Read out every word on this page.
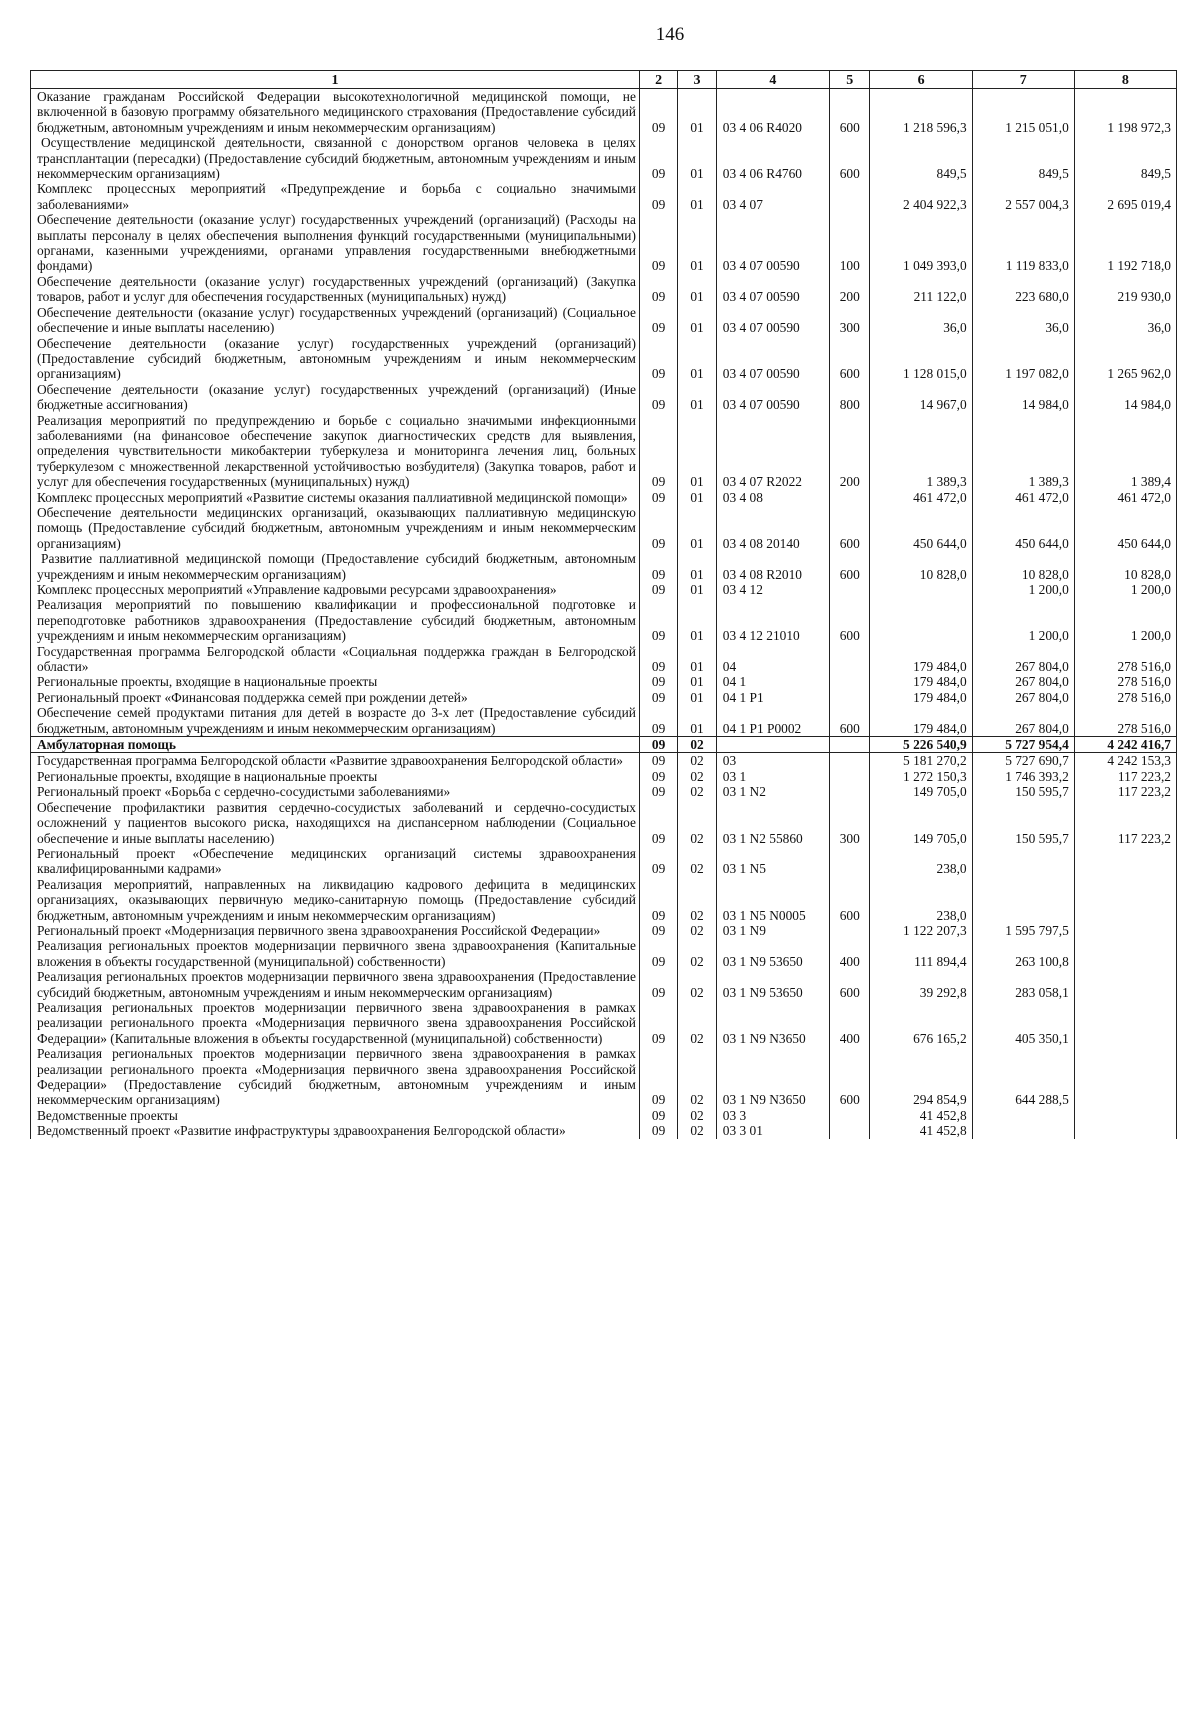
146
1	2	3	4	5	6	7	8
Оказание гражданам Российской Федерации высокотехнологичной медицинской помощи, не включенной в базовую программу обязательного медицинского страхования (Предоставление субсидий бюджетным, автономным учреждениям и иным некоммерческим организациям)	09	01	03 4 06 R4020	600	1 218 596,3	1 215 051,0	1 198 972,3
Осуществление медицинской деятельности, связанной с донорством органов человека в целях трансплантации (пересадки) (Предоставление субсидий бюджетным, автономным учреждениям и иным некоммерческим организациям)	09	01	03 4 06 R4760	600	849,5	849,5	849,5
Комплекс процессных мероприятий «Предупреждение и борьба с социально значимыми заболеваниями»	09	01	03 4 07		2 404 922,3	2 557 004,3	2 695 019,4
Обеспечение деятельности (оказание услуг) государственных учреждений (организаций) (Расходы на выплаты персоналу в целях обеспечения выполнения функций государственными (муниципальными) органами, казенными учреждениями, органами управления государственными внебюджетными фондами)	09	01	03 4 07 00590	100	1 049 393,0	1 119 833,0	1 192 718,0
Обеспечение деятельности (оказание услуг) государственных учреждений (организаций) (Закупка товаров, работ и услуг для обеспечения государственных (муниципальных) нужд)	09	01	03 4 07 00590	200	211 122,0	223 680,0	219 930,0
Обеспечение деятельности (оказание услуг) государственных учреждений (организаций) (Социальное обеспечение и иные выплаты населению)	09	01	03 4 07 00590	300	36,0	36,0	36,0
Обеспечение деятельности (оказание услуг) государственных учреждений (организаций) (Предоставление субсидий бюджетным, автономным учреждениям и иным некоммерческим организациям)	09	01	03 4 07 00590	600	1 128 015,0	1 197 082,0	1 265 962,0
Обеспечение деятельности (оказание услуг) государственных учреждений (организаций) (Иные бюджетные ассигнования)	09	01	03 4 07 00590	800	14 967,0	14 984,0	14 984,0
Реализация мероприятий по предупреждению и борьбе с социально значимыми инфекционными заболеваниями (на финансовое обеспечение закупок диагностических средств для выявления, определения чувствительности микобактерии туберкулеза и мониторинга лечения лиц, больных туберкулезом с множественной лекарственной устойчивостью возбудителя) (Закупка товаров, работ и услуг для обеспечения государственных (муниципальных) нужд)	09	01	03 4 07 R2022	200	1 389,3	1 389,3	1 389,4
Комплекс процессных мероприятий «Развитие системы оказания паллиативной медицинской помощи»	09	01	03 4 08		461 472,0	461 472,0	461 472,0
Обеспечение деятельности медицинских организаций, оказывающих паллиативную медицинскую помощь (Предоставление субсидий бюджетным, автономным учреждениям и иным некоммерческим организациям)	09	01	03 4 08 20140	600	450 644,0	450 644,0	450 644,0
Развитие паллиативной медицинской помощи (Предоставление субсидий бюджетным, автономным учреждениям и иным некоммерческим организациям)	09	01	03 4 08 R2010	600	10 828,0	10 828,0	10 828,0
Комплекс процессных мероприятий «Управление кадровыми ресурсами здравоохранения»	09	01	03 4 12			1 200,0	1 200,0
Реализация мероприятий по повышению квалификации и профессиональной подготовке и переподготовке работников здравоохранения (Предоставление субсидий бюджетным, автономным учреждениям и иным некоммерческим организациям)	09	01	03 4 12 21010	600		1 200,0	1 200,0
Государственная программа Белгородской области «Социальная поддержка граждан в Белгородской области»	09	01	04		179 484,0	267 804,0	278 516,0
Региональные проекты, входящие в национальные проекты	09	01	04 1		179 484,0	267 804,0	278 516,0
Региональный проект «Финансовая поддержка семей при рождении детей»	09	01	04 1 P1		179 484,0	267 804,0	278 516,0
Обеспечение семей продуктами питания для детей в возрасте до 3-х лет (Предоставление субсидий бюджетным, автономным учреждениям и иным некоммерческим организациям)	09	01	04 1 P1 P0002	600	179 484,0	267 804,0	278 516,0
Амбулаторная помощь	09	02			5 226 540,9	5 727 954,4	4 242 416,7
Государственная программа Белгородской области «Развитие здравоохранения Белгородской области»	09	02	03		5 181 270,2	5 727 690,7	4 242 153,3
Региональные проекты, входящие в национальные проекты	09	02	03 1		1 272 150,3	1 746 393,2	117 223,2
Региональный проект «Борьба с сердечно-сосудистыми заболеваниями»	09	02	03 1 N2		149 705,0	150 595,7	117 223,2
Обеспечение профилактики развития сердечно-сосудистых заболеваний и сердечно-сосудистых осложнений у пациентов высокого риска, находящихся на диспансерном наблюдении (Социальное обеспечение и иные выплаты населению)	09	02	03 1 N2 55860	300	149 705,0	150 595,7	117 223,2
Региональный проект «Обеспечение медицинских организаций системы здравоохранения квалифицированными кадрами»	09	02	03 1 N5		238,0		
Реализация мероприятий, направленных на ликвидацию кадрового дефицита в медицинских организациях, оказывающих первичную медико-санитарную помощь (Предоставление субсидий бюджетным, автономным учреждениям и иным некоммерческим организациям)	09	02	03 1 N5 N0005	600	238,0		
Региональный проект «Модернизация первичного звена здравоохранения Российской Федерации»	09	02	03 1 N9		1 122 207,3	1 595 797,5	
Реализация региональных проектов модернизации первичного звена здравоохранения (Капитальные вложения в объекты государственной (муниципальной) собственности)	09	02	03 1 N9 53650	400	111 894,4	263 100,8	
Реализация региональных проектов модернизации первичного звена здравоохранения (Предоставление субсидий бюджетным, автономным учреждениям и иным некоммерческим организациям)	09	02	03 1 N9 53650	600	39 292,8	283 058,1	
Реализация региональных проектов модернизации первичного звена здравоохранения в рамках реализации регионального проекта «Модернизация первичного звена здравоохранения Российской Федерации» (Капитальные вложения в объекты государственной (муниципальной) собственности)	09	02	03 1 N9 N3650	400	676 165,2	405 350,1	
Реализация региональных проектов модернизации первичного звена здравоохранения в рамках реализации регионального проекта «Модернизация первичного звена здравоохранения Российской Федерации» (Предоставление субсидий бюджетным, автономным учреждениям и иным некоммерческим организациям)	09	02	03 1 N9 N3650	600	294 854,9	644 288,5	
Ведомственные проекты	09	02	03 3		41 452,8		
Ведомственный проект «Развитие инфраструктуры здравоохранения Белгородской области»	09	02	03 3 01		41 452,8		
